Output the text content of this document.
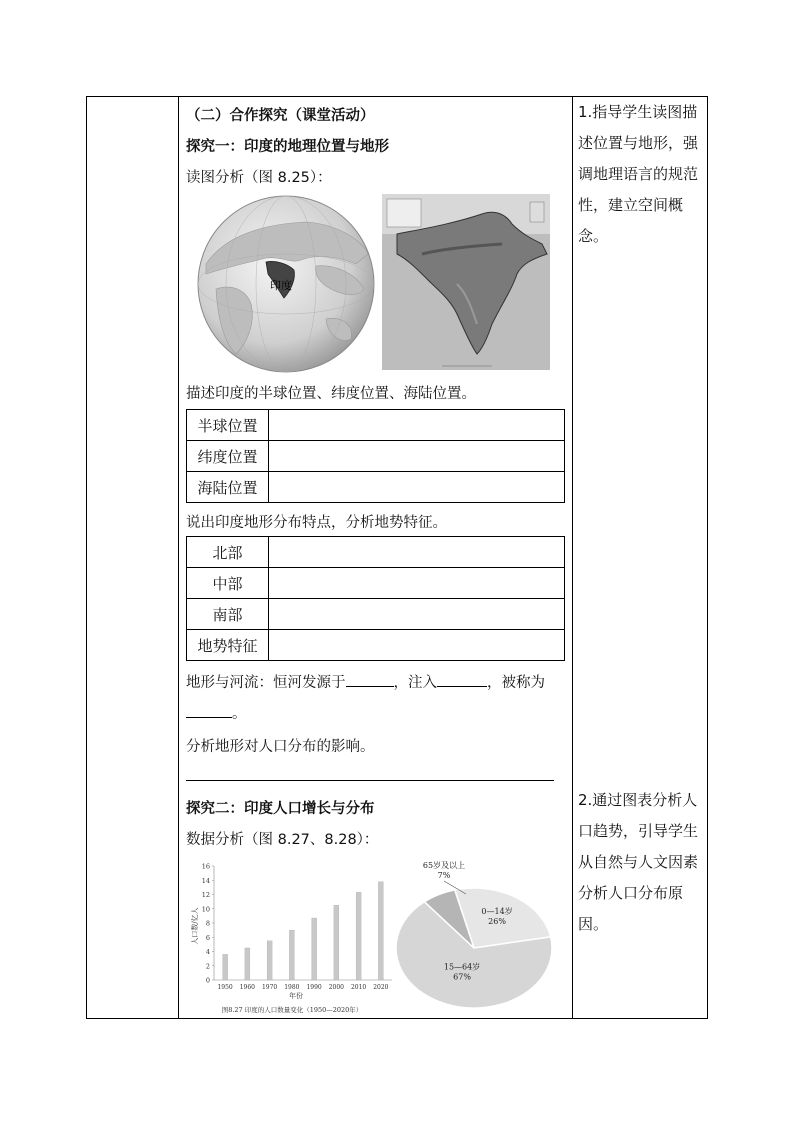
（二）合作探究（课堂活动）
探究一：印度的地理位置与地形
读图分析（图 8.25）：
印度
描述印度的半球位置、纬度位置、海陆位置。
半球位置	
纬度位置	
海陆位置	
说出印度地形分布特点，分析地势特征。
北部	
中部	
南部	
地势特征	
地形与河流：恒河发源于	，注入	，被称为
。
分析地形对人口分布的影响。
探究二：印度人口增长与分布
数据分析（图 8.27、8.28）：
0
2
4
6
8
10
12
14
16
1950 1960 1970 1980 1990 2000 2010 2020
年份
图8.27 印度的人口数量变化（1950—2020年）
人口数/亿人	0—14岁
26%
15—64岁
67%
65岁及以上
7%
1.指导学生读图描述位置与地形，强调地理语言的规范性，建立空间概念。
2.通过图表分析人口趋势，引导学生从自然与人文因素分析人口分布原因。
